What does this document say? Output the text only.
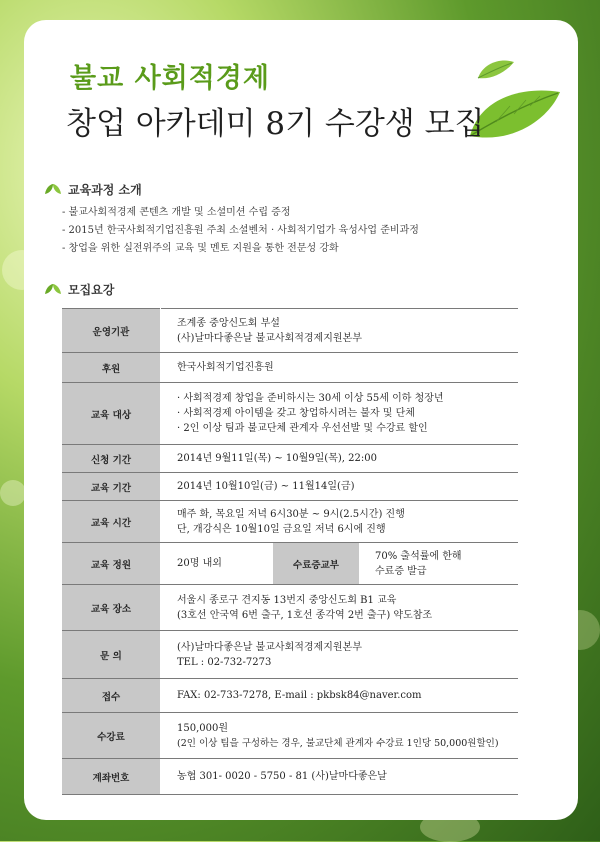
불교 사회적경제
창업 아카데미 8기 수강생 모집
교육과정 소개
- 불교사회적경제 콘텐츠 개발 및 소셜미션 수립 증정
- 2015년 한국사회적기업진흥원 주최 소셜벤처 · 사회적기업가 육성사업 준비과정
- 창업을 위한 실전위주의 교육 및 멘토 지원을 통한 전문성 강화
모집요강
운영기관	조계종 중앙신도회 부설
(사)날마다좋은날 불교사회적경제지원본부		

후원	한국사회적기업진흥원		

교육 대상	· 사회적경제 창업을 준비하시는 30세 이상 55세 이하 청장년
· 사회적경제 아이템을 갖고 창업하시려는 불자 및 단체
· 2인 이상 팀과 불교단체 관계자 우선선발 및 수강료 할인		

신청 기간	2014년 9월11일(목) ~ 10월9일(목), 22:00		

교육 기간	2014년 10월10일(금) ~ 11월14일(금)		

교육 시간	매주 화, 목요일 저녁 6시30분 ~ 9시(2.5시간) 진행
단, 개강식은 10월10일 금요일 저녁 6시에 진행		

교육 정원	20명 내외	수료증교부	70% 출석률에 한해
수료증 발급

교육 장소	서울시 종로구 견지동 13번지 중앙신도회 B1 교육
(3호선 안국역 6번 출구, 1호선 종각역 2번 출구) 약도참조		

문 의	(사)날마다좋은날 불교사회적경제지원본부
TEL : 02-732-7273		

접수	FAX: 02-733-7278, E-mail : pkbsk84@naver.com		

수강료	150,000원
(2인 이상 팀을 구성하는 경우, 불교단체 관계자 수강료 1인당 50,000원할인)		

계좌번호	농협 301- 0020 - 5750 - 81 (사)날마다좋은날		
